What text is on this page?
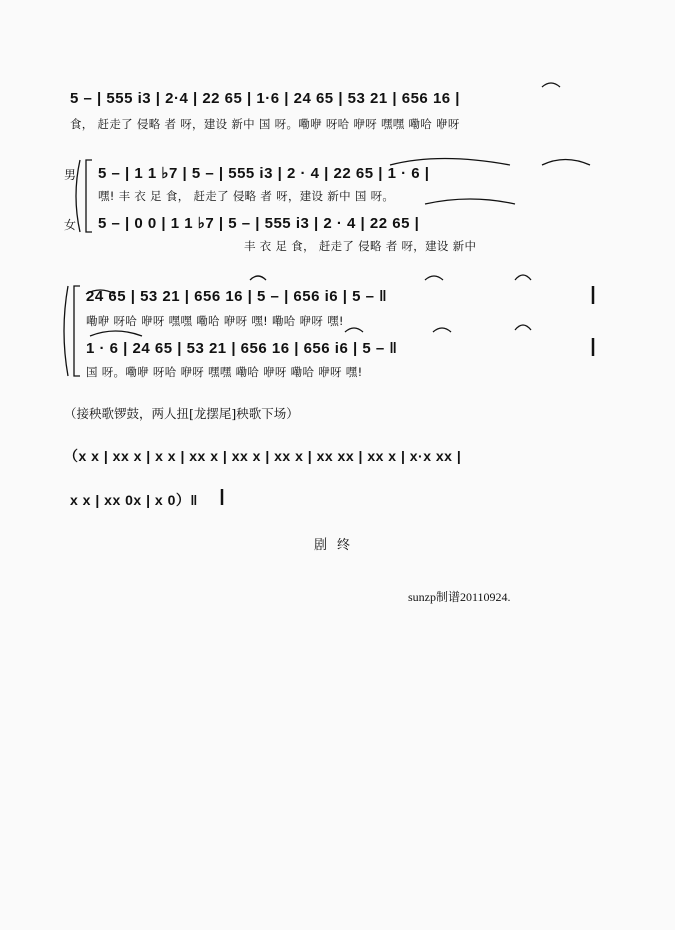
5 – | 555 i3 | 2·4 | 22 65 | 1·6 | 24 65 | 53 21 | 656 16 |
食， 赶走了 侵略 者 呀，建设 新中 国 呀。嘞咿 呀哈 咿呀 嘿嘿 嘞哈 咿呀
男 5 – | 1 1 ♭7 | 5 – | 555 i3 | 2 · 4 | 22 65 | 1 · 6 |
嘿! 丰 衣 足 食， 赶走了 侵略 者 呀，建设 新中 国 呀。
女 5 – | 0 0 | 1 1 ♭7 | 5 – | 555 i3 | 2 · 4 | 22 65 |
丰 衣 足 食， 赶走了 侵略 者 呀，建设 新中
24 65 | 53 21 | 656 16 | 5 – | 656 i6 | 5 – ‖
嘞咿 呀哈 咿呀 嘿嘿 嘞哈 咿呀 嘿! 嘞哈 咿呀 嘿!
1 · 6 | 24 65 | 53 21 | 656 16 | 656 i6 | 5 – ‖
国 呀。嘞咿 呀哈 咿呀 嘿嘿 嘞哈 咿呀 嘞哈 咿呀 嘿!
（接秧歌锣鼓，两人扭[龙摆尾]秧歌下场）
（x x | xx x | x x | xx x | xx x | xx x | xx xx | xx x | x·x xx |
x x | xx 0x | x 0）‖
剧终
sunzp制谱20110924.
